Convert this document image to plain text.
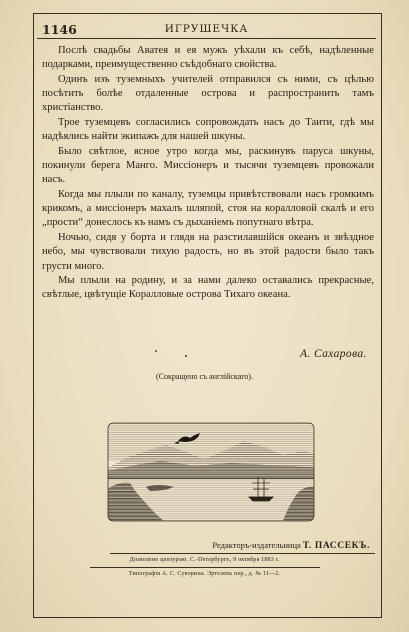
1146	ИГРУШЕЧКА

Послѣ свадьбы Аватея и ея мужъ уѣхали къ себѣ, надѣленные подарками, преимущественно съѣдобнаго свойства.

Одинъ изъ туземныхъ учителей отправился съ ними, съ цѣлью посѣтить болѣе отдаленные острова и распространить тамъ христіанство.

Трое туземцевъ согласились сопровождать насъ до Таити, гдѣ мы надѣялись найти экипажъ для нашей шкуны.

Было свѣтлое, ясное утро когда мы, раскинувъ паруса шкуны, покинули берега Манго. Миссіонеръ и тысячи туземцевъ провожали насъ.

Когда мы плыли по каналу, туземцы привѣтствовали насъ громкимъ крикомъ, а миссіонеръ махалъ шляпой, стоя на коралловой скалѣ и его „прости“ донеслось къ намъ съ дыханіемъ попутнаго вѣтра.

Ночью, сидя у борта и глядя на разстилавшійся океанъ и звѣздное небо, мы чувствовали тихую радость, но въ этой радости было такъ грусти много.

Мы плыли на родину, и за нами далеко оставались прекрасные, свѣтлые, цвѣтущіе Коралловые острова Тихаго океана.

А. Сахарова.
(Сокращено съ англійскаго).
Редакторъ-издательница Т. ПАССЕКЪ.
Дозволено цензурою. С.-Петербургъ, 9 октября 1883 г.
Типографія А. С. Суворина. Эртелевъ пер., д. № 11—2.
